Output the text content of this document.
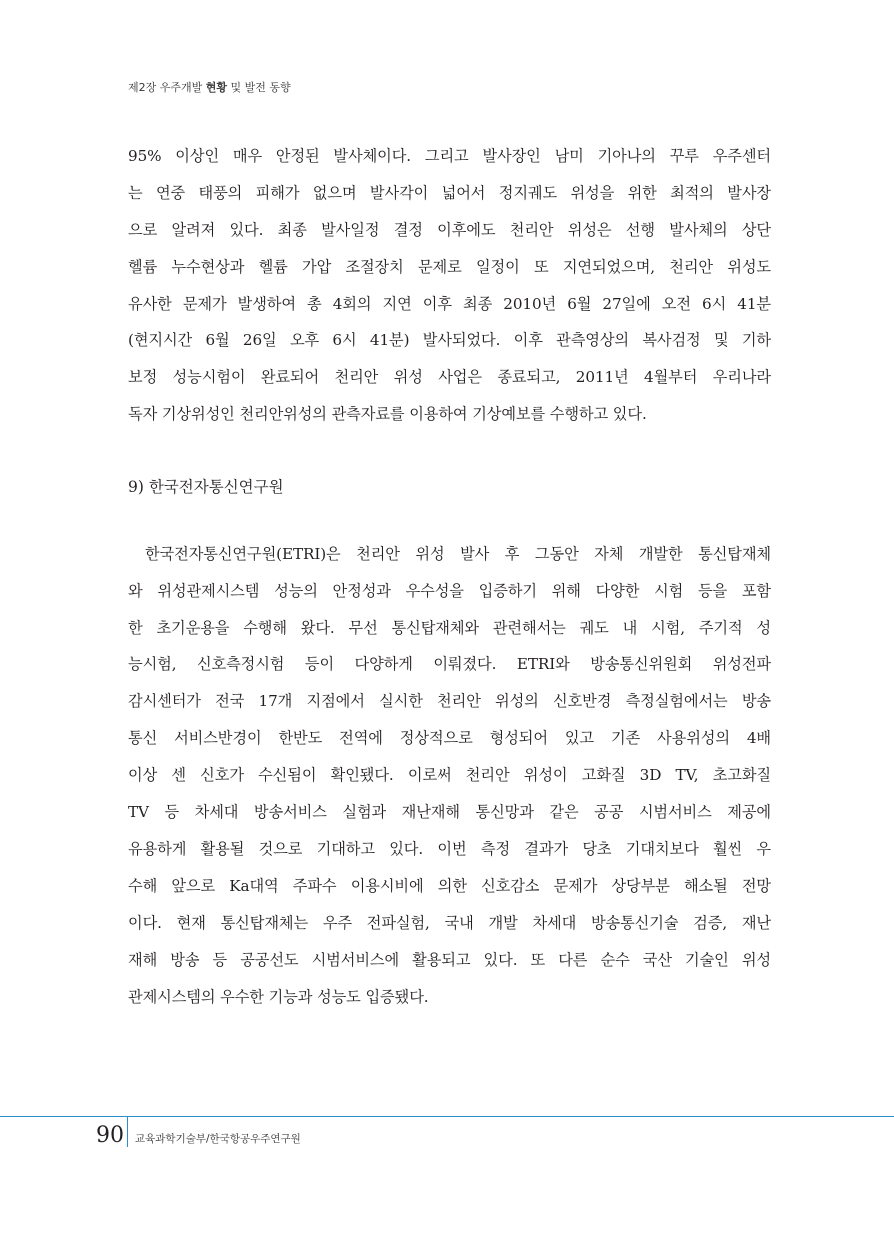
제2장 우주개발 현황 및 발전 동향
95% 이상인 매우 안정된 발사체이다. 그리고 발사장인 남미 기아나의 꾸루 우주센터
는 연중 태풍의 피해가 없으며 발사각이 넓어서 정지궤도 위성을 위한 최적의 발사장
으로 알려져 있다. 최종 발사일정 결정 이후에도 천리안 위성은 선행 발사체의 상단
헬륨 누수현상과 헬륨 가압 조절장치 문제로 일정이 또 지연되었으며, 천리안 위성도
유사한 문제가 발생하여 총 4회의 지연 이후 최종 2010년 6월 27일에 오전 6시 41분
(현지시간 6월 26일 오후 6시 41분) 발사되었다. 이후 관측영상의 복사검정 및 기하
보정 성능시험이 완료되어 천리안 위성 사업은 종료되고, 2011년 4월부터 우리나라
독자 기상위성인 천리안위성의 관측자료를 이용하여 기상예보를 수행하고 있다.
9) 한국전자통신연구원
한국전자통신연구원(ETRI)은 천리안 위성 발사 후 그동안 자체 개발한 통신탑재체
와 위성관제시스템 성능의 안정성과 우수성을 입증하기 위해 다양한 시험 등을 포함
한 초기운용을 수행해 왔다. 무선 통신탑재체와 관련해서는 궤도 내 시험, 주기적 성
능시험, 신호측정시험 등이 다양하게 이뤄졌다. ETRI와 방송통신위원회 위성전파
감시센터가 전국 17개 지점에서 실시한 천리안 위성의 신호반경 측정실험에서는 방송
통신 서비스반경이 한반도 전역에 정상적으로 형성되어 있고 기존 사용위성의 4배
이상 센 신호가 수신됨이 확인됐다. 이로써 천리안 위성이 고화질 3D TV, 초고화질
TV 등 차세대 방송서비스 실험과 재난재해 통신망과 같은 공공 시범서비스 제공에
유용하게 활용될 것으로 기대하고 있다. 이번 측정 결과가 당초 기대치보다 훨씬 우
수해 앞으로 Ka대역 주파수 이용시비에 의한 신호감소 문제가 상당부분 해소될 전망
이다. 현재 통신탑재체는 우주 전파실험, 국내 개발 차세대 방송통신기술 검증, 재난
재해 방송 등 공공선도 시범서비스에 활용되고 있다. 또 다른 순수 국산 기술인 위성
관제시스템의 우수한 기능과 성능도 입증됐다.
90 교육과학기술부/한국항공우주연구원
